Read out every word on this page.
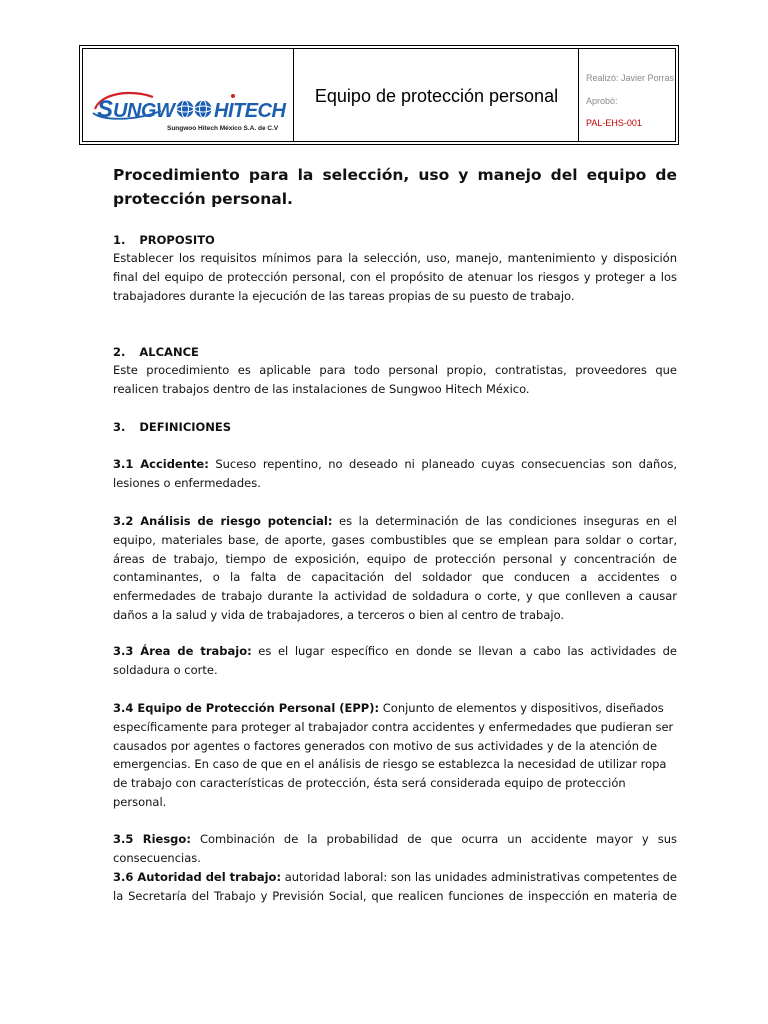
S UNGW HITECH
Sungwoo Hitech México S.A. de C.V
Equipo de protección personal
Realizó: Javier Porras
Aprobó:
PAL-EHS-001
Procedimiento para la selección, uso y manejo del equipo de protección personal.
1. PROPOSITO
Establecer los requisitos mínimos para la selección, uso, manejo, mantenimiento y disposición final del equipo de protección personal, con el propósito de atenuar los riesgos y proteger a los trabajadores durante la ejecución de las tareas propias de su puesto de trabajo.
2. ALCANCE
Este procedimiento es aplicable para todo personal propio, contratistas, proveedores que realicen trabajos dentro de las instalaciones de Sungwoo Hitech México.
3. DEFINICIONES
3.1 Accidente: Suceso repentino, no deseado ni planeado cuyas consecuencias son daños, lesiones o enfermedades.
3.2 Análisis de riesgo potencial: es la determinación de las condiciones inseguras en el equipo, materiales base, de aporte, gases combustibles que se emplean para soldar o cortar, áreas de trabajo, tiempo de exposición, equipo de protección personal y concentración de contaminantes, o la falta de capacitación del soldador que conducen a accidentes o enfermedades de trabajo durante la actividad de soldadura o corte, y que conlleven a causar daños a la salud y vida de trabajadores, a terceros o bien al centro de trabajo.
3.3 Área de trabajo: es el lugar específico en donde se llevan a cabo las actividades de soldadura o corte.
3.4 Equipo de Protección Personal (EPP): Conjunto de elementos y dispositivos, diseñados específicamente para proteger al trabajador contra accidentes y enfermedades que pudieran ser causados por agentes o factores generados con motivo de sus actividades y de la atención de emergencias. En caso de que en el análisis de riesgo se establezca la necesidad de utilizar ropa de trabajo con características de protección, ésta será considerada equipo de protección personal.
3.5 Riesgo: Combinación de la probabilidad de que ocurra un accidente mayor y sus consecuencias.
3.6 Autoridad del trabajo: autoridad laboral: son las unidades administrativas competentes de la Secretaría del Trabajo y Previsión Social, que realicen funciones de inspección en materia de
